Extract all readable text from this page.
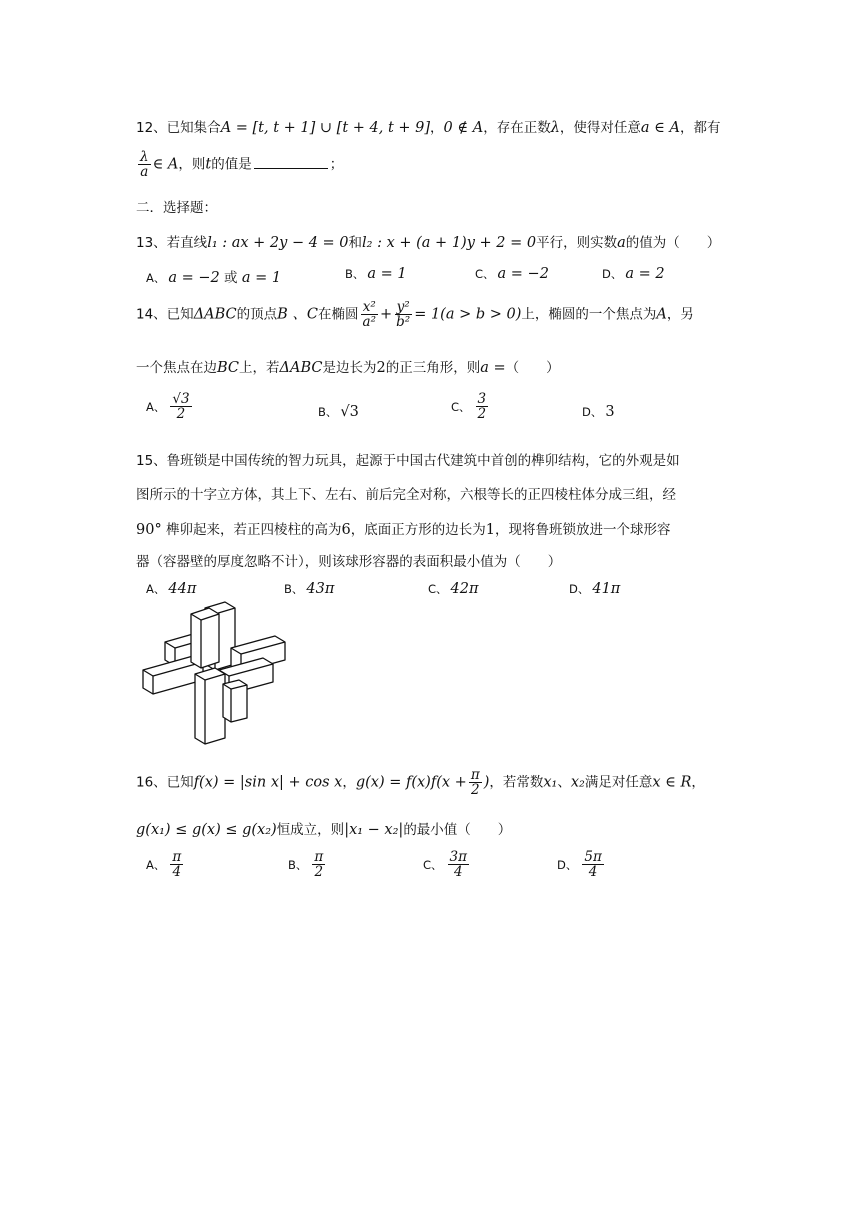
12、已知集合A = [t, t + 1] ∪ [t + 4, t + 9]，0 ∉ A，存在正数λ，使得对任意a ∈ A，都有
$\frac{\lambda}{a}$ ∈ A，则t的值是	；
二．选择题：
13、若直线l₁ : ax + 2y − 4 = 0和l₂ : x + (a + 1)y + 2 = 0平行，则实数a的值为（　　）
A、 a = −2 或 a = 1	B、 a = 1	C、 a = −2	D、 a = 2
14、已知ΔABC的顶点B 、C在椭圆 $\frac{\text{x²}}{\text{a²}} + \frac{\text{y²}}{\text{b²}} = 1(a > b > 0)$上，椭圆的一个焦点为A，另
一个焦点在边BC上，若ΔABC是边长为2的正三角形，则a =（　　）
A、 $\frac{√3}{2}$	B、 √3	C、 $\frac{3}{2}$	D、 3
15、鲁班锁是中国传统的智力玩具，起源于中国古代建筑中首创的榫卯结构，它的外观是如
图所示的十字立方体，其上下、左右、前后完全对称，六根等长的正四棱柱体分成三组，经
90° 榫卯起来，若正四棱柱的高为6，底面正方形的边长为1，现将鲁班锁放进一个球形容
器（容器壁的厚度忽略不计），则该球形容器的表面积最小值为（　　）
A、 44π	B、 43π	C、 42π	D、 41π
16、已知f(x) = |sin x| + cos x，$g(x) = f(x)f(x + \frac{\pi}{2}$ )，若常数x₁、x₂满足对任意x ∈ R，
g(x₁) ≤ g(x) ≤ g(x₂)恒成立，则|x₁ − x₂|的最小值（　　）
A、 $\frac{\pi}{4}$	B、 $\frac{\pi}{2}$	C、 $\frac{3\pi}{4}$	D、 $\frac{5\pi}{4}$
